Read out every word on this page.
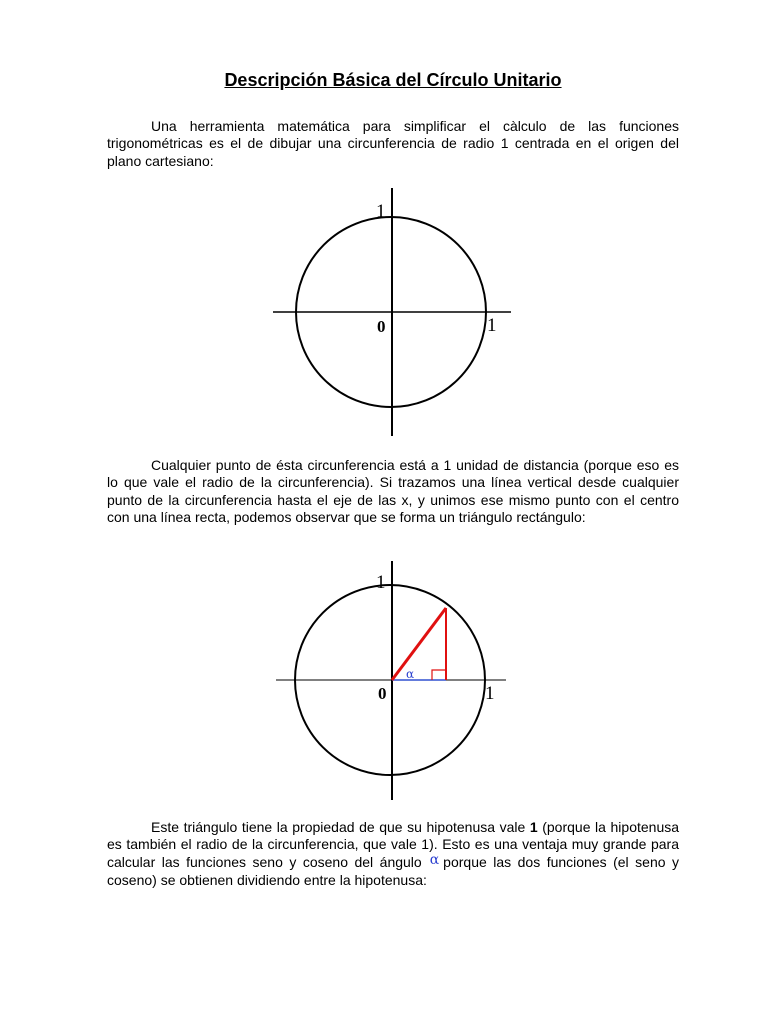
Descripción Básica del Círculo Unitario

Una herramienta matemática para simplificar el càlculo de las funciones trigonométricas es el de dibujar una circunferencia de radio 1 centrada en el origen del plano cartesiano:

1
1
0

Cualquier punto de ésta circunferencia está a 1 unidad de distancia (porque eso es lo que vale el radio de la circunferencia). Si trazamos una línea vertical desde cualquier punto de la circunferencia hasta el eje de las x, y unimos ese mismo punto con el centro con una línea recta, podemos observar que se forma un triángulo rectángulo:

α
1
1
0

Este triángulo tiene la propiedad de que su hipotenusa vale 1 (porque la hipotenusa es también el radio de la circunferencia, que vale 1). Esto es una ventaja muy grande para calcular las funciones seno y coseno del ángulo α porque las dos funciones (el seno y coseno) se obtienen dividiendo entre la hipotenusa:
